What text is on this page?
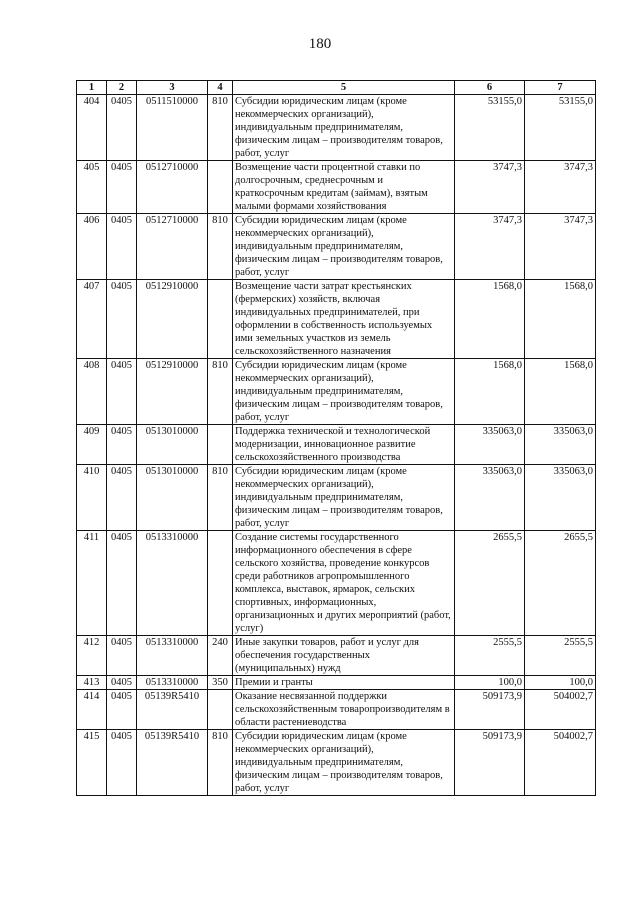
180
1	2	3	4	5	6	7
404	0405	0511510000	810	Субсидии юридическим лицам (кроме некоммерческих организаций), индивидуальным предпринимателям, физическим лицам – производителям товаров, работ, услуг	53155,0	53155,0
405	0405	0512710000		Возмещение части процентной ставки по долгосрочным, среднесрочным и краткосрочным кредитам (займам), взятым малыми формами хозяйствования	3747,3	3747,3
406	0405	0512710000	810	Субсидии юридическим лицам (кроме некоммерческих организаций), индивидуальным предпринимателям, физическим лицам – производителям товаров, работ, услуг	3747,3	3747,3
407	0405	0512910000		Возмещение части затрат крестьянских (фермерских) хозяйств, включая индивидуальных предпринимателей, при оформлении в собственность используемых ими земельных участков из земель сельскохозяйственного назначения	1568,0	1568,0
408	0405	0512910000	810	Субсидии юридическим лицам (кроме некоммерческих организаций), индивидуальным предпринимателям, физическим лицам – производителям товаров, работ, услуг	1568,0	1568,0
409	0405	0513010000		Поддержка технической и технологической модернизации, инновационное развитие сельскохозяйственного производства	335063,0	335063,0
410	0405	0513010000	810	Субсидии юридическим лицам (кроме некоммерческих организаций), индивидуальным предпринимателям, физическим лицам – производителям товаров, работ, услуг	335063,0	335063,0
411	0405	0513310000		Создание системы государственного информационного обеспечения в сфере сельского хозяйства, проведение конкурсов среди работников агропромышленного комплекса, выставок, ярмарок, сельских спортивных, информационных, организационных и других мероприятий (работ, услуг)	2655,5	2655,5
412	0405	0513310000	240	Иные закупки товаров, работ и услуг для обеспечения государственных (муниципальных) нужд	2555,5	2555,5
413	0405	0513310000	350	Премии и гранты	100,0	100,0
414	0405	05139R5410		Оказание несвязанной поддержки сельскохозяйственным товаропроизводителям в области растениеводства	509173,9	504002,7
415	0405	05139R5410	810	Субсидии юридическим лицам (кроме некоммерческих организаций), индивидуальным предпринимателям, физическим лицам – производителям товаров, работ, услуг	509173,9	504002,7
